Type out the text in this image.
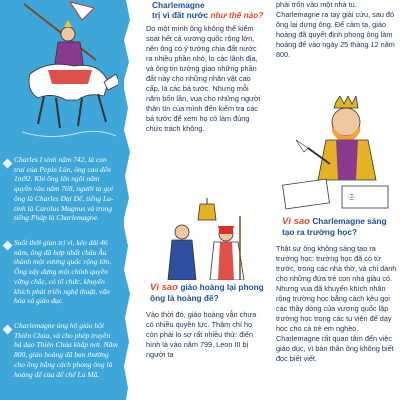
Charles I sinh năm 742, là con trai của Pepin Lùn, ông cao đến 1m92. Khi ông lên ngôi năm quyền vào năm 768, người ta gọi ông là Charles Đại Đế, tiếng La-tinh là Carolus Magnus và trong tiếng Pháp là Charlemagne.

Suốt thời gian trị vì, kéo dài 46 năm, ông đã hợp nhất châu Âu thành một vương quốc rộng lớn. Ông xây dựng một chính quyền vững chắc, có tổ chức, khuyến khích phát triển nghệ thuật, văn hóa và giáo dục.

Charlemagne ủng hộ giáo hội Thiên Chúa, và cho phép truyền bá đạo Thiên Chúa khắp nơi. Năm 800, giáo hoàng đã ban thưởng cho ông bằng cách phong ông là hoàng đế của đế chế La Mã.

Charlemagne
trị vì đất nước như thế nào?

Do một mình ông không thể kiểm soát hết cả vương quốc rộng lớn, nên ông có ý tưởng chia đất nước ra nhiều phần nhỏ, lo các lãnh địa, và ông tin tưởng giao những phần đất này cho những nhân vật cao cấp, là các bá tước. Nhưng mỗi năm bốn lần, vua cho những người thân tín của mình đến kiểm tra các bá tước để xem họ có làm đúng chức trách không.

Vì sao giáo hoàng lại phong ông là hoàng đế?

Vào thời đó, giáo hoàng vẫn chưa có nhiều quyền lực. Thậm chí họ còn phải lo sợ rất nhiều thứ: điển hình là vào năm 799, Leon III bị người ta

phải trốn vào một nhà tu. Charlemagne ra tay giải cứu, sau đó ông lại dựng ông. Để cảm tạ, giáo hoàng đã quyết định phong ông làm hoàng đế vào ngày 25 tháng 12 năm 800.

𝔖

Vì sao Charlemagne sáng tạo ra trường học?

Thật sự ông không sáng tạo ra trường học: trường học đã có từ trước, trong các nhà thờ, và chỉ dành cho những đứa trẻ con nhà giàu có. Nhưng vua đã khuyến khích nhân rộng trường học bằng cách kêu gọi các thầy dòng của vương quốc lập trường học trong các tu viện để dạy học cho cả trẻ em nghèo. Charlemagne rất quan tâm đến việc giáo dục, vì bản thân ông không biết đọc biết viết.
